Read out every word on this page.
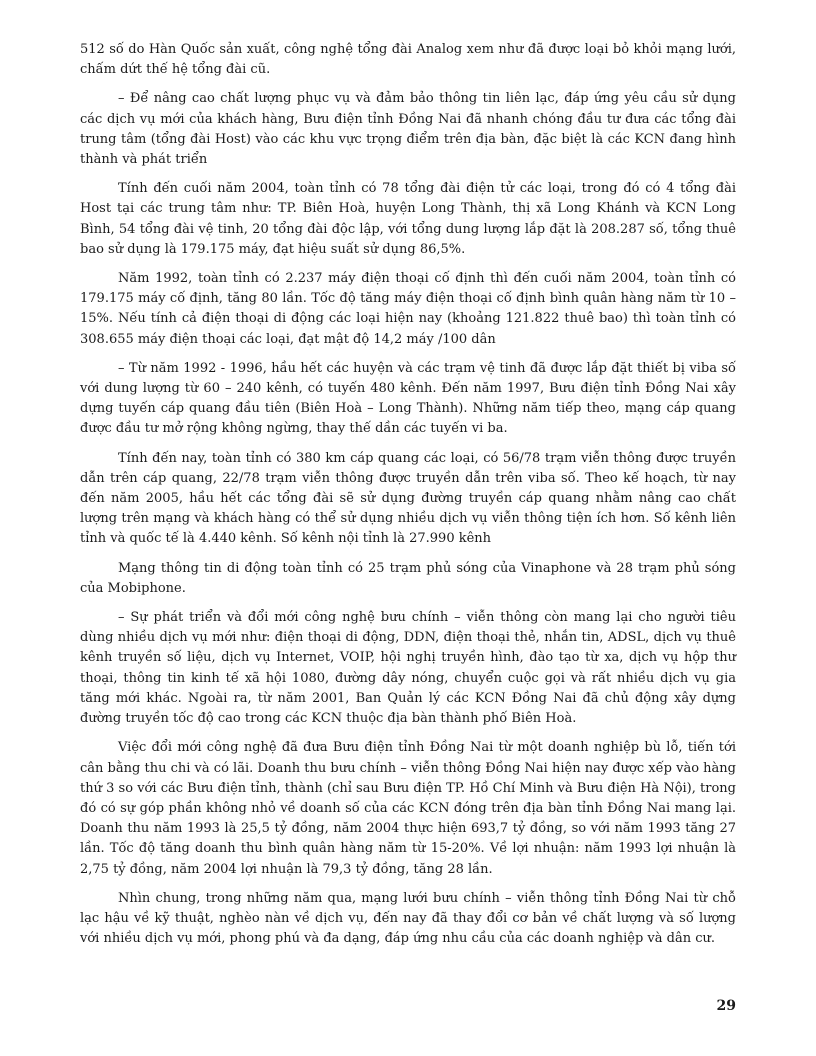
512 số do Hàn Quốc sản xuất, công nghệ tổng đài Analog xem như đã được loại bỏ khỏi mạng lưới, chấm dứt thế hệ tổng đài cũ.

– Để nâng cao chất lượng phục vụ và đảm bảo thông tin liên lạc, đáp ứng yêu cầu sử dụng các dịch vụ mới của khách hàng, Bưu điện tỉnh Đồng Nai đã nhanh chóng đầu tư đưa các tổng đài trung tâm (tổng đài Host) vào các khu vực trọng điểm trên địa bàn, đặc biệt là các KCN đang hình thành và phát triển

Tính đến cuối năm 2004, toàn tỉnh có 78 tổng đài điện tử các loại, trong đó có 4 tổng đài Host tại các trung tâm như: TP. Biên Hoà, huyện Long Thành, thị xã Long Khánh và KCN Long Bình, 54 tổng đài vệ tinh, 20 tổng đài độc lập, với tổng dung lượng lắp đặt là 208.287 số, tổng thuê bao sử dụng là 179.175 máy, đạt hiệu suất sử dụng 86,5%.

Năm 1992, toàn tỉnh có 2.237 máy điện thoại cố định thì đến cuối năm 2004, toàn tỉnh có 179.175 máy cố định, tăng 80 lần. Tốc độ tăng máy điện thoại cố định bình quân hàng năm từ 10 – 15%. Nếu tính cả điện thoại di động các loại hiện nay (khoảng 121.822 thuê bao) thì toàn tỉnh có 308.655 máy điện thoại các loại, đạt mật độ 14,2 máy /100 dân

– Từ năm 1992 - 1996, hầu hết các huyện và các trạm vệ tinh đã được lắp đặt thiết bị viba số với dung lượng từ 60 – 240 kênh, có tuyến 480 kênh. Đến năm 1997, Bưu điện tỉnh Đồng Nai xây dựng tuyến cáp quang đầu tiên (Biên Hoà – Long Thành). Những năm tiếp theo, mạng cáp quang được đầu tư mở rộng không ngừng, thay thế dần các tuyến vi ba.

Tính đến nay, toàn tỉnh có 380 km cáp quang các loại, có 56/78 trạm viễn thông được truyền dẫn trên cáp quang, 22/78 trạm viễn thông được truyền dẫn trên viba số. Theo kế hoạch, từ nay đến năm 2005, hầu hết các tổng đài sẽ sử dụng đường truyền cáp quang nhằm nâng cao chất lượng trên mạng và khách hàng có thể sử dụng nhiều dịch vụ viễn thông tiện ích hơn. Số kênh liên tỉnh và quốc tế là 4.440 kênh. Số kênh nội tỉnh là 27.990 kênh

Mạng thông tin di động toàn tỉnh có 25 trạm phủ sóng của Vinaphone và 28 trạm phủ sóng của Mobiphone.

– Sự phát triển và đổi mới công nghệ bưu chính – viễn thông còn mang lại cho người tiêu dùng nhiều dịch vụ mới như: điện thoại di động, DDN, điện thoại thẻ, nhắn tin, ADSL, dịch vụ thuê kênh truyền số liệu, dịch vụ Internet, VOIP, hội nghị truyền hình, đào tạo từ xa, dịch vụ hộp thư thoại, thông tin kinh tế xã hội 1080, đường dây nóng, chuyển cuộc gọi và rất nhiều dịch vụ gia tăng mới khác. Ngoài ra, từ năm 2001, Ban Quản lý các KCN Đồng Nai đã chủ động xây dựng đường truyền tốc độ cao trong các KCN thuộc địa bàn thành phố Biên Hoà.

Việc đổi mới công nghệ đã đưa Bưu điện tỉnh Đồng Nai từ một doanh nghiệp bù lỗ, tiến tới cân bằng thu chi và có lãi. Doanh thu bưu chính – viễn thông Đồng Nai hiện nay được xếp vào hàng thứ 3 so với các Bưu điện tỉnh, thành (chỉ sau Bưu điện TP. Hồ Chí Minh và Bưu điện Hà Nội), trong đó có sự góp phần không nhỏ về doanh số của các KCN đóng trên địa bàn tỉnh Đồng Nai mang lại. Doanh thu năm 1993 là 25,5 tỷ đồng, năm 2004 thực hiện 693,7 tỷ đồng, so với năm 1993 tăng 27 lần. Tốc độ tăng doanh thu bình quân hàng năm từ 15-20%. Về lợi nhuận: năm 1993 lợi nhuận là 2,75 tỷ đồng, năm 2004 lợi nhuận là 79,3 tỷ đồng, tăng 28 lần.

Nhìn chung, trong những năm qua, mạng lưới bưu chính – viễn thông tỉnh Đồng Nai từ chỗ lạc hậu về kỹ thuật, nghèo nàn về dịch vụ, đến nay đã thay đổi cơ bản về chất lượng và số lượng với nhiều dịch vụ mới, phong phú và đa dạng, đáp ứng nhu cầu của các doanh nghiệp và dân cư.

29
